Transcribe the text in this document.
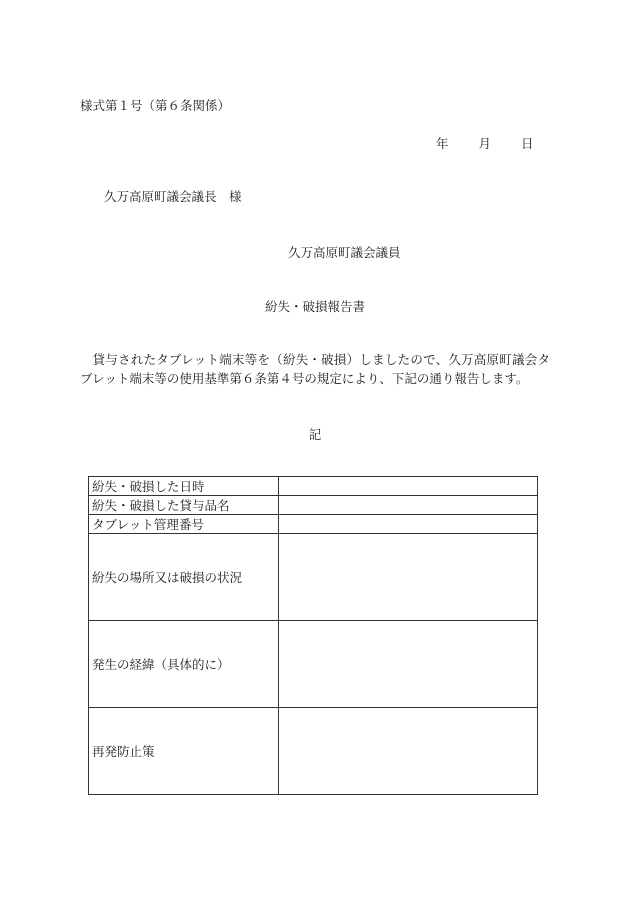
様式第１号（第６条関係）
年 月 日
久万高原町議会議長　様
久万高原町議会議員
紛失・破損報告書
貸与されたタブレット端末等を（紛失・破損）しましたので、久万高原町議会タブレット端末等の使用基準第６条第４号の規定により、下記の通り報告します。
記
紛失・破損した日時	
紛失・破損した貸与品名	
タブレット管理番号	
紛失の場所又は破損の状況	
発生の経緯（具体的に）	
再発防止策	
